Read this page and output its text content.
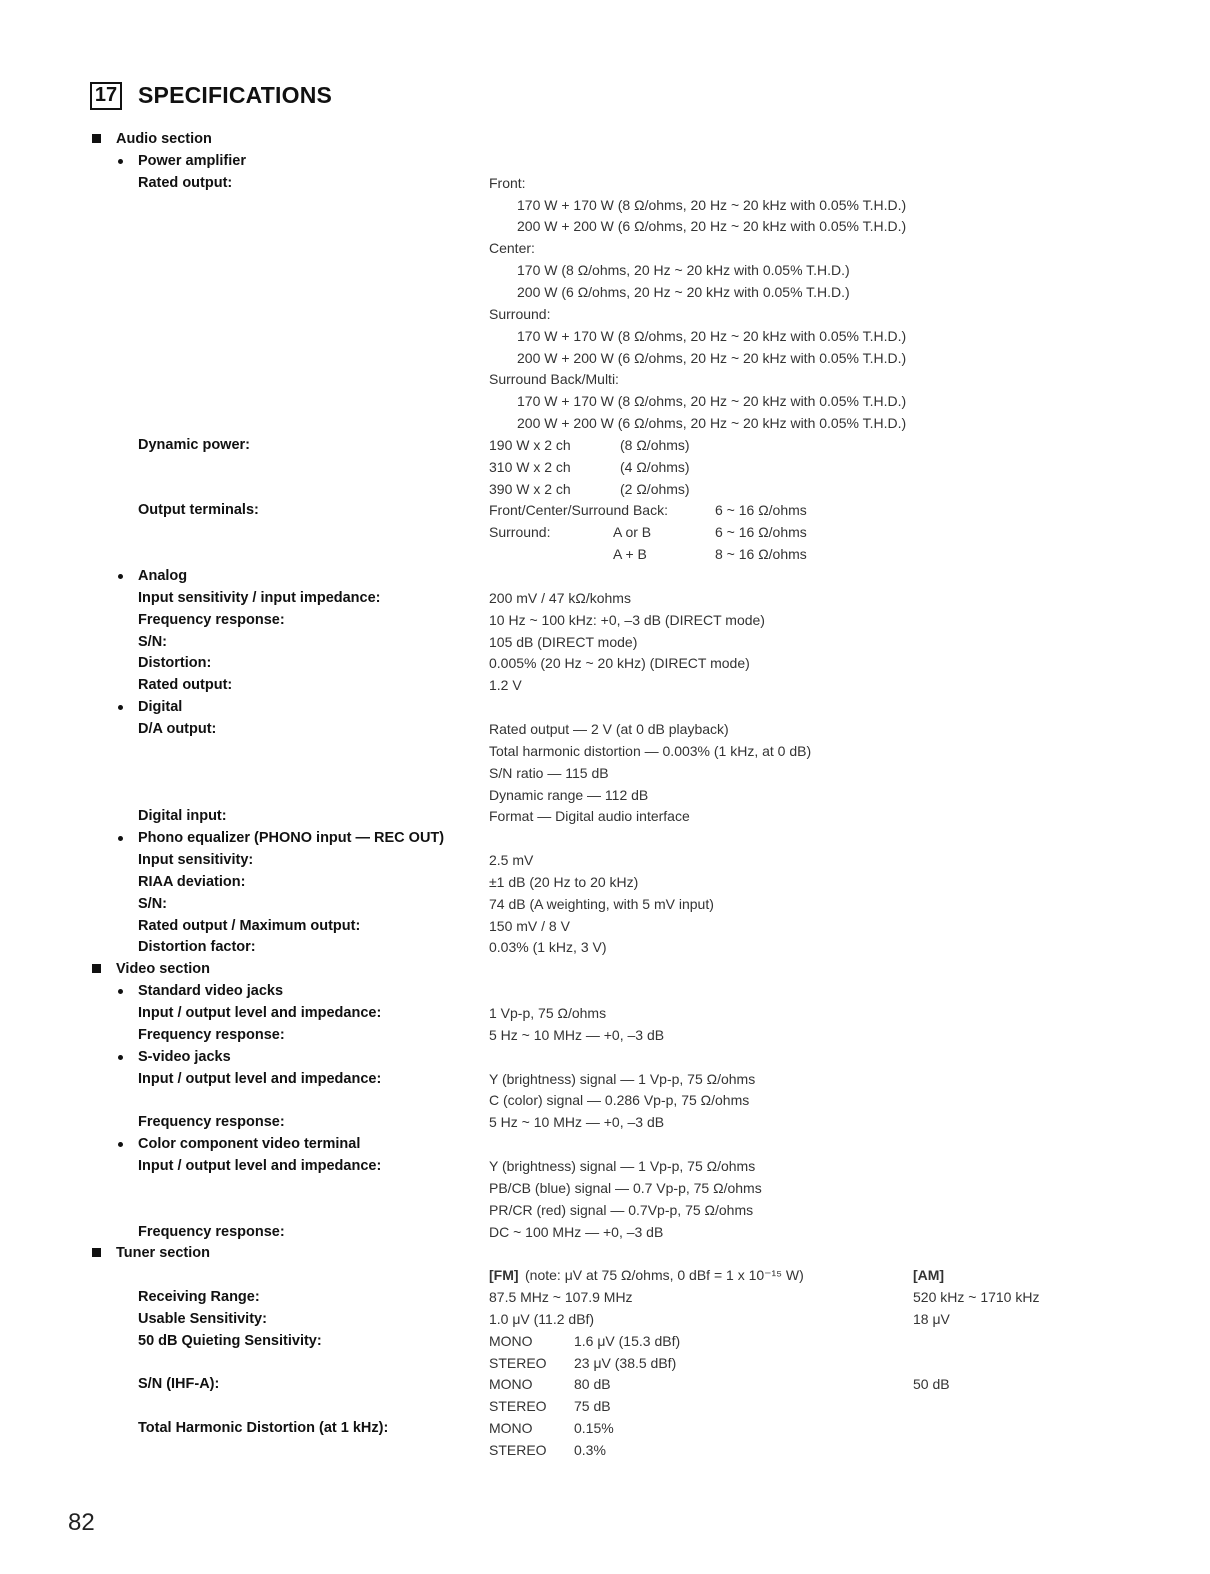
17 SPECIFICATIONS
Audio section
Power amplifier
Rated output:	Front:
170 W + 170 W (8 Ω/ohms, 20 Hz ~ 20 kHz with 0.05% T.H.D.)
200 W + 200 W (6 Ω/ohms, 20 Hz ~ 20 kHz with 0.05% T.H.D.)
Center:
170 W (8 Ω/ohms, 20 Hz ~ 20 kHz with 0.05% T.H.D.)
200 W (6 Ω/ohms, 20 Hz ~ 20 kHz with 0.05% T.H.D.)
Surround:
170 W + 170 W (8 Ω/ohms, 20 Hz ~ 20 kHz with 0.05% T.H.D.)
200 W + 200 W (6 Ω/ohms, 20 Hz ~ 20 kHz with 0.05% T.H.D.)
Surround Back/Multi:
170 W + 170 W (8 Ω/ohms, 20 Hz ~ 20 kHz with 0.05% T.H.D.)
200 W + 200 W (6 Ω/ohms, 20 Hz ~ 20 kHz with 0.05% T.H.D.)
Dynamic power:	190 W x 2 ch	(8 Ω/ohms)
310 W x 2 ch	(4 Ω/ohms)
390 W x 2 ch	(2 Ω/ohms)
Output terminals:	Front/Center/Surround Back:	6 ~ 16 Ω/ohms
Surround:	A or B	6 ~ 16 Ω/ohms
A + B	8 ~ 16 Ω/ohms
Analog
Input sensitivity / input impedance:	200 mV / 47 kΩ/kohms
Frequency response:	10 Hz ~ 100 kHz: +0, –3 dB (DIRECT mode)
S/N:	105 dB (DIRECT mode)
Distortion:	0.005% (20 Hz ~ 20 kHz) (DIRECT mode)
Rated output:	1.2 V
Digital
D/A output:	Rated output — 2 V (at 0 dB playback)
Total harmonic distortion — 0.003% (1 kHz, at 0 dB)
S/N ratio — 115 dB
Dynamic range — 112 dB
Digital input:	Format — Digital audio interface
Phono equalizer (PHONO input — REC OUT)
Input sensitivity:	2.5 mV
RIAA deviation:	±1 dB (20 Hz to 20 kHz)
S/N:	74 dB (A weighting, with 5 mV input)
Rated output / Maximum output:	150 mV / 8 V
Distortion factor:	0.03% (1 kHz, 3 V)
Video section
Standard video jacks
Input / output level and impedance:	1 Vp-p, 75 Ω/ohms
Frequency response:	5 Hz ~ 10 MHz — +0, –3 dB
S-video jacks
Input / output level and impedance:	Y (brightness) signal — 1 Vp-p, 75 Ω/ohms
C (color) signal — 0.286 Vp-p, 75 Ω/ohms
Frequency response:	5 Hz ~ 10 MHz — +0, –3 dB
Color component video terminal
Input / output level and impedance:	Y (brightness) signal — 1 Vp-p, 75 Ω/ohms
PB/CB (blue) signal — 0.7 Vp-p, 75 Ω/ohms
PR/CR (red) signal — 0.7Vp-p, 75 Ω/ohms
Frequency response:	DC ~ 100 MHz — +0, –3 dB
Tuner section
[FM] (note: μV at 75 Ω/ohms, 0 dBf = 1 x 10⁻¹⁵ W)	[AM]
Receiving Range:	87.5 MHz ~ 107.9 MHz	520 kHz ~ 1710 kHz
Usable Sensitivity:	1.0 μV (11.2 dBf)	18 μV
50 dB Quieting Sensitivity:	MONO	1.6 μV (15.3 dBf)
STEREO 23 μV (38.5 dBf)
S/N (IHF-A):	MONO	80 dB	50 dB
STEREO 75 dB
Total Harmonic Distortion (at 1 kHz):	MONO	0.15%
STEREO 0.3%
82
